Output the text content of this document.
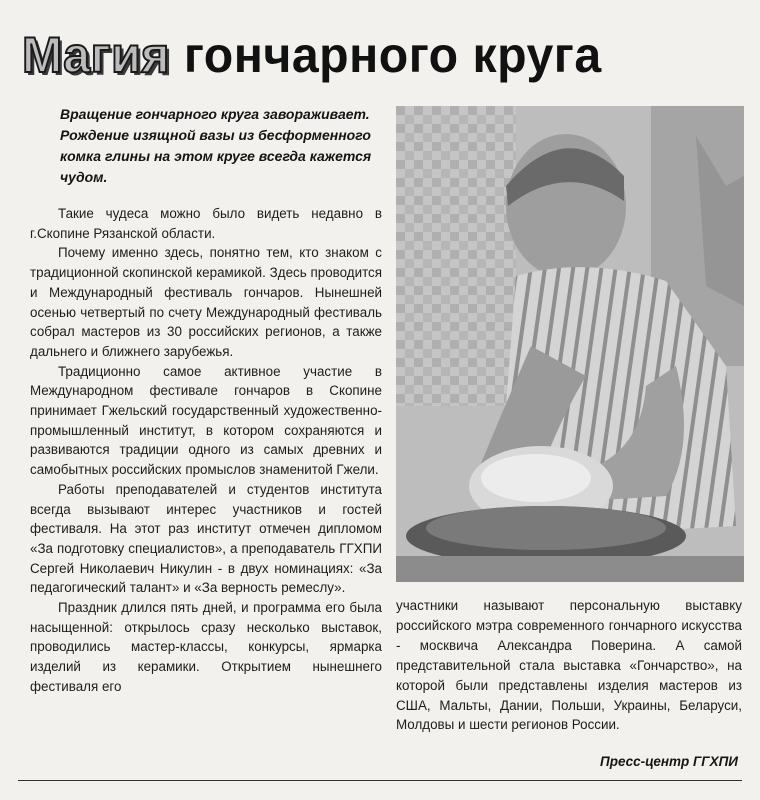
Магия гончарного круга

Вращение гончарного круга завораживает. Рождение изящной вазы из бесформенного комка глины на этом круге всегда кажется чудом.

Такие чудеса можно было видеть недавно в г.Скопине Рязанской области.

Почему именно здесь, понятно тем, кто знаком с традиционной скопинской керамикой. Здесь проводится и Международный фестиваль гончаров. Нынешней осенью четвертый по счету Международный фестиваль собрал мастеров из 30 российских регионов, а также дальнего и ближнего зарубежья.

Традиционно самое активное участие в Международном фестивале гончаров в Скопине принимает Гжельский государственный художественно-промышленный институт, в котором сохраняются и развиваются традиции одного из самых древних и самобытных российских промыслов знаменитой Гжели.

Работы преподавателей и студентов института всегда вызывают интерес участников и гостей фестиваля. На этот раз институт отмечен дипломом «За подготовку специалистов», а преподаватель ГГХПИ Сергей Николаевич Никулин - в двух номинациях: «За педагогический талант» и «За верность ремеслу».

Праздник длился пять дней, и программа его была насыщенной: открылось сразу несколько выставок, проводились мастер-классы, конкурсы, ярмарка изделий из керамики. Открытием нынешнего фестиваля его

участники называют персональную выставку российского мэтра современного гончарного искусства - москвича Александра Поверина. А самой представительной стала выставка «Гончарство», на которой были представлены изделия мастеров из США, Мальты, Дании, Польши, Украины, Беларуси, Молдовы и шести регионов России.

Пресс-центр ГГХПИ
